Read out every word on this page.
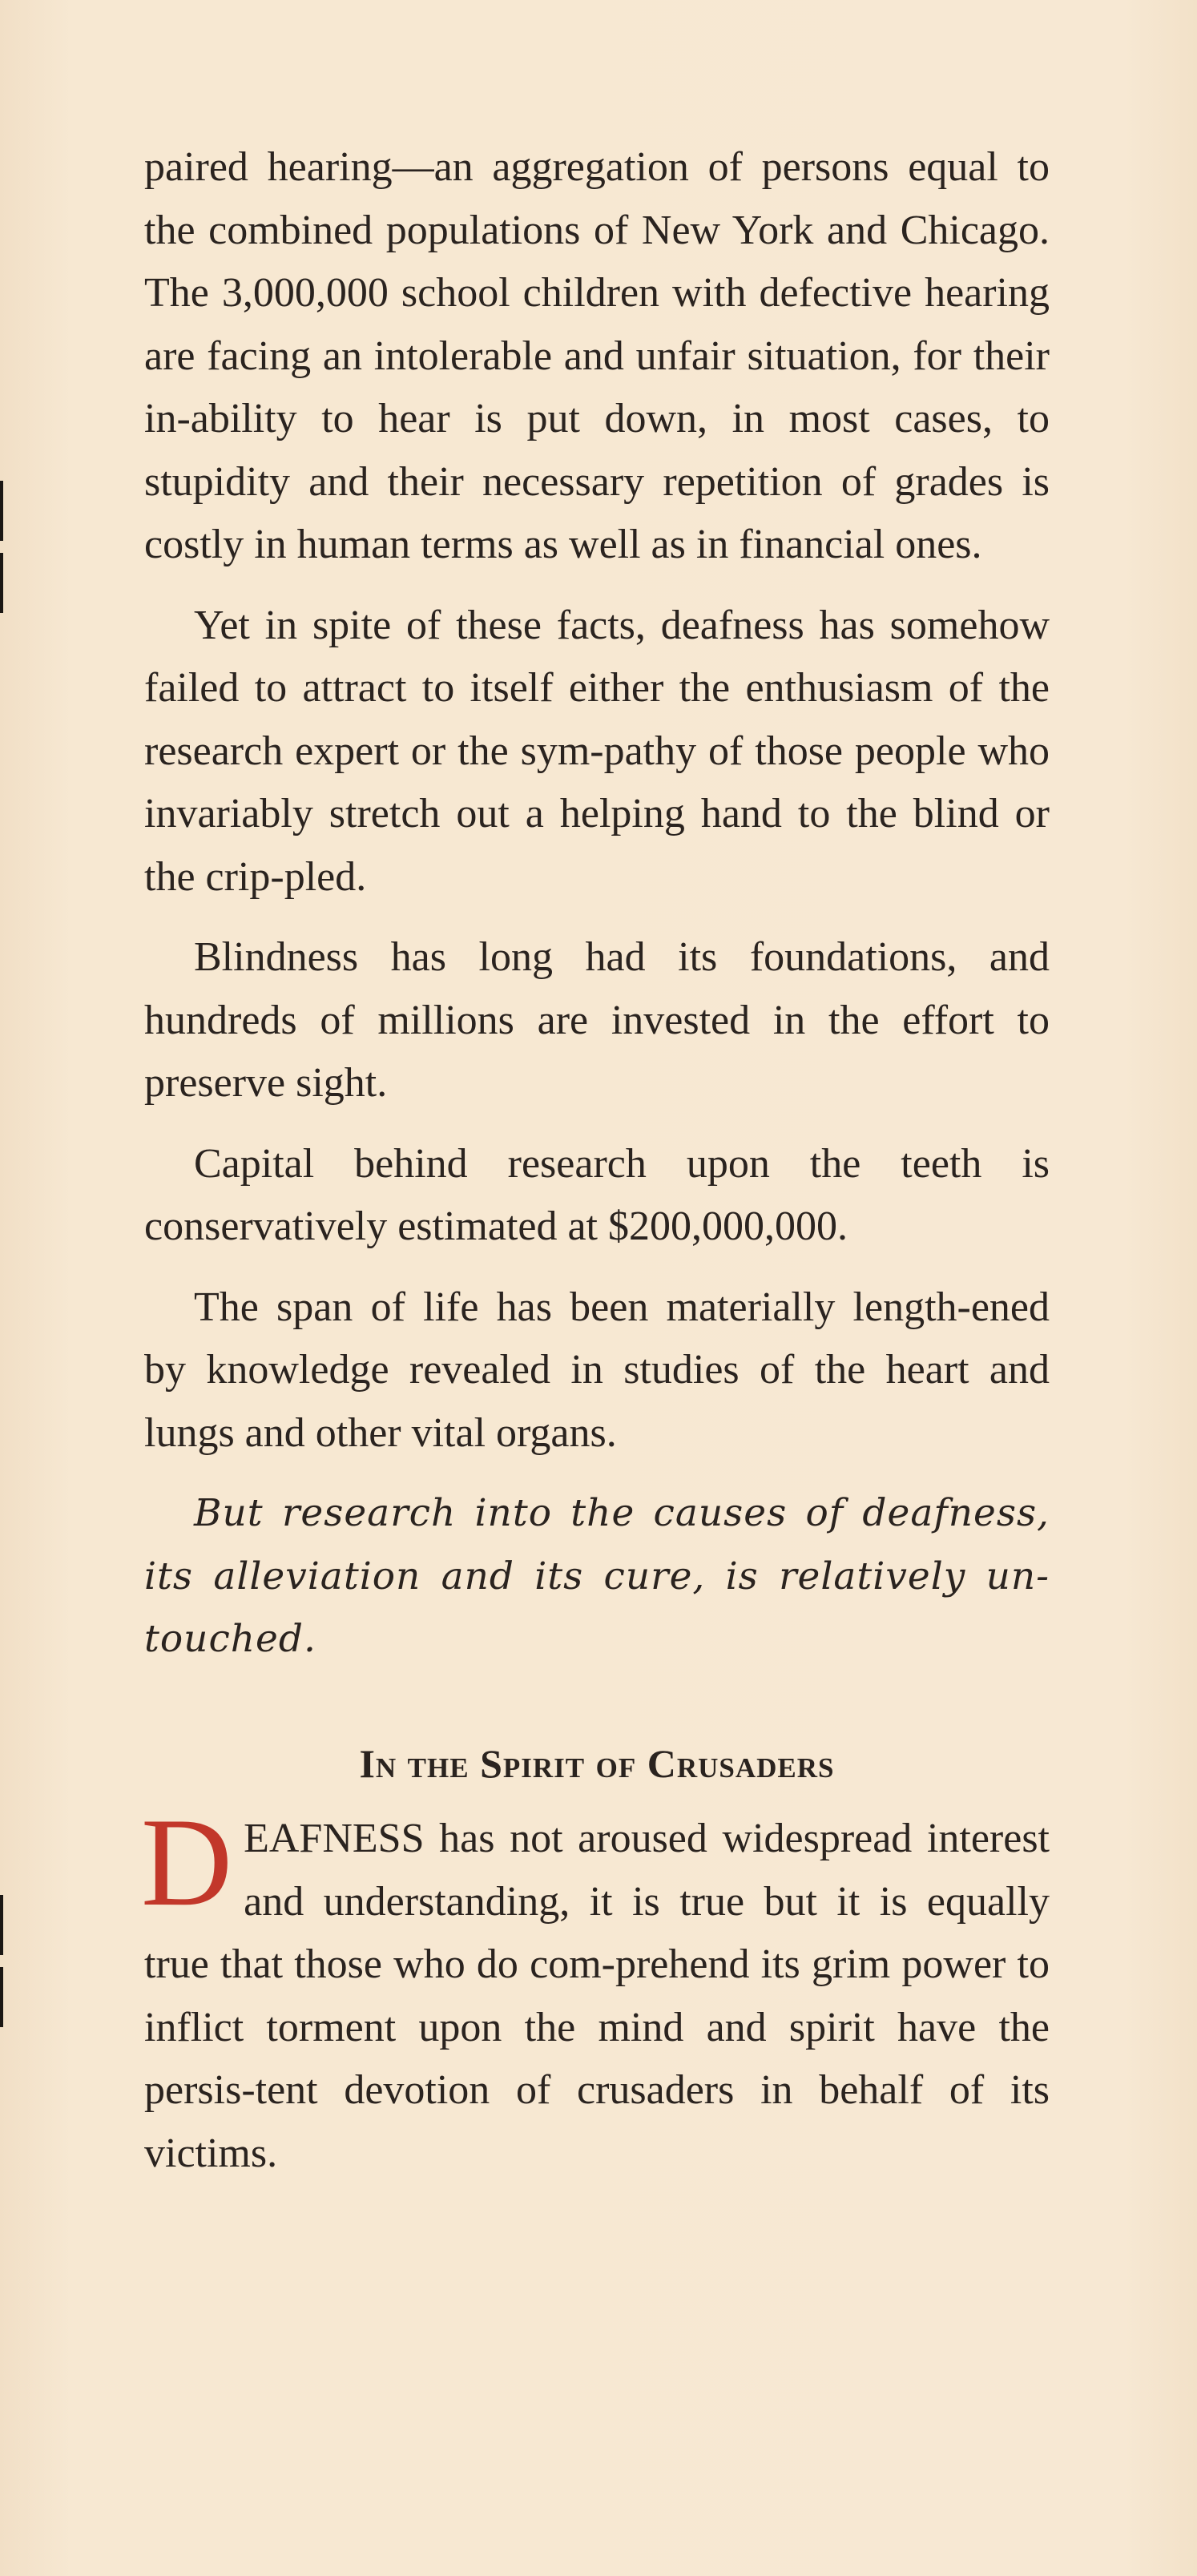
paired hearing—an aggregation of persons equal to the combined populations of New York and Chicago. The 3,000,000 school children with defective hearing are facing an intolerable and unfair situation, for their in-ability to hear is put down, in most cases, to stupidity and their necessary repetition of grades is costly in human terms as well as in financial ones.

Yet in spite of these facts, deafness has somehow failed to attract to itself either the enthusiasm of the research expert or the sym-pathy of those people who invariably stretch out a helping hand to the blind or the crip-pled.

Blindness has long had its foundations, and hundreds of millions are invested in the effort to preserve sight.

Capital behind research upon the teeth is conservatively estimated at $200,000,000.

The span of life has been materially length-ened by knowledge revealed in studies of the heart and lungs and other vital organs.

But research into the causes of deafness, its alleviation and its cure, is relatively un-touched.

In the Spirit of Crusaders

DEAFNESS has not aroused widespread interest and understanding, it is true but it is equally true that those who do com-prehend its grim power to inflict torment upon the mind and spirit have the persis-tent devotion of crusaders in behalf of its victims.
